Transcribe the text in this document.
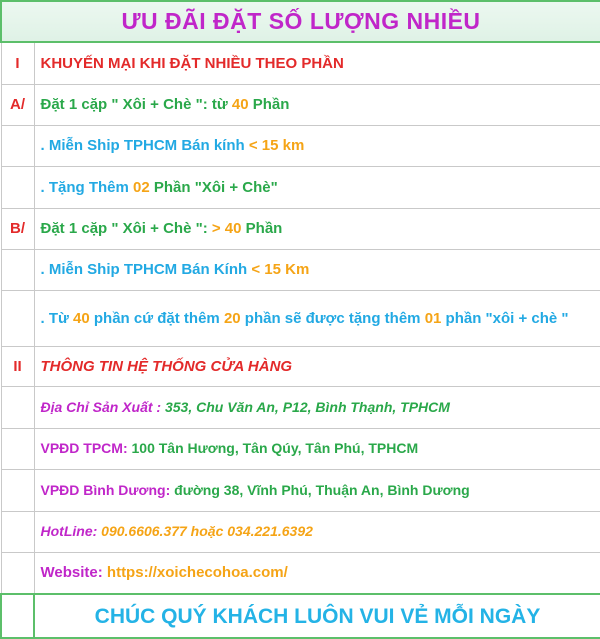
ƯU ĐÃI ĐẶT SỐ LƯỢNG NHIỀU	
I	KHUYẾN MẠI KHI ĐẶT NHIỀU THEO PHẦN
A/	Đặt 1 cặp " Xôi + Chè ": từ 40 Phần
	. Miễn Ship TPHCM Bán kính < 15 km
	. Tặng Thêm 02 Phần "Xôi + Chè"
B/	Đặt 1 cặp " Xôi + Chè ": > 40 Phần
	. Miễn Ship TPHCM Bán Kính < 15 Km
	. Từ 40 phần cứ đặt thêm 20 phần sẽ được tặng thêm 01 phần "xôi + chè "
II	THÔNG TIN HỆ THỐNG CỬA HÀNG
	Địa Chỉ Sản Xuất : 353, Chu Văn An, P12, Bình Thạnh, TPHCM
	VPĐD TPCM: 100 Tân Hương, Tân Qúy, Tân Phú, TPHCM
	VPĐD Bình Dương: đường 38, Vĩnh Phú, Thuận An, Bình Dương
	HotLine: 090.6606.377 hoặc 034.221.6392
	Website: https://xoichecohoa.com/
	CHÚC QUÝ KHÁCH LUÔN VUI VẺ MỖI NGÀY
